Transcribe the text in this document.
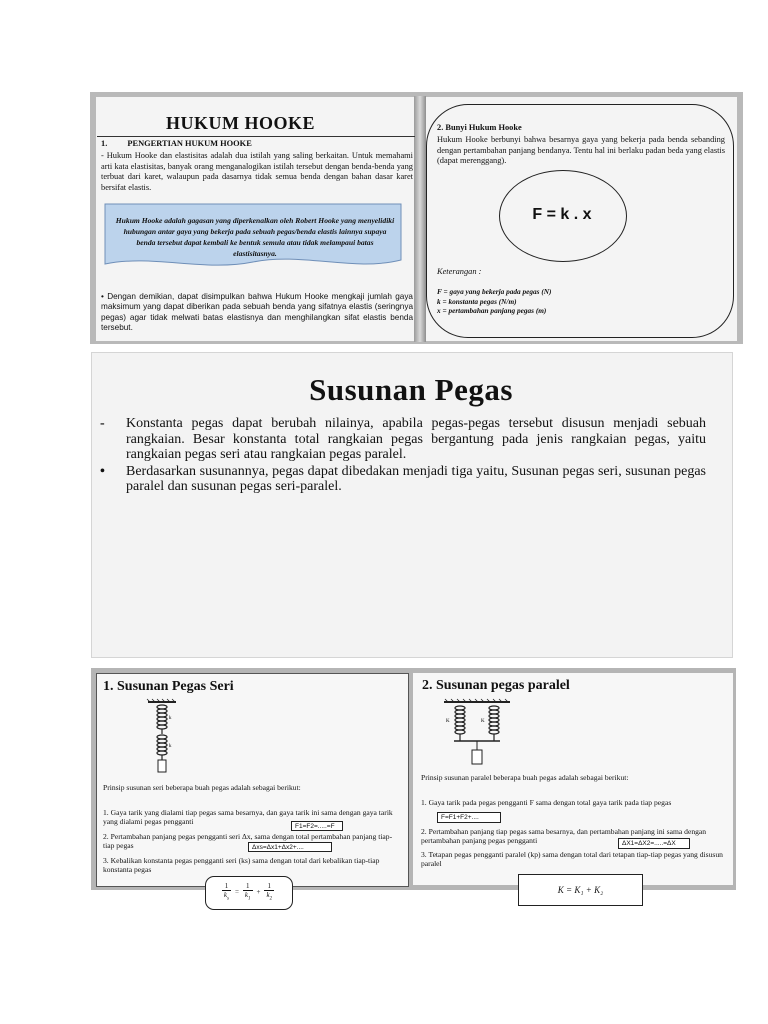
HUKUM HOOKE
1. PENGERTIAN HUKUM HOOKE
- Hukum Hooke dan elastisitas adalah dua istilah yang saling berkaitan. Untuk memahami arti kata elastisitas, banyak orang menganalogikan istilah tersebut dengan benda-benda yang terbuat dari karet, walaupun pada dasarnya tidak semua benda dengan bahan dasar karet bersifat elastis.
Hukum Hooke adalah gagasan yang diperkenalkan oleh Robert Hooke yang menyelidiki hubungan antar gaya yang bekerja pada sebuah pegas/benda elastis lainnya supaya benda tersebut dapat kembali ke bentuk semula atau tidak melampaui batas elastisitasnya.
• Dengan demikian, dapat disimpulkan bahwa Hukum Hooke mengkaji jumlah gaya maksimum yang dapat diberikan pada sebuah benda yang sifatnya elastis (seringnya pegas) agar tidak melwati batas elastisnya dan menghilangkan sifat elastis benda tersebut.
2. Bunyi Hukum Hooke
Hukum Hooke berbunyi bahwa besarnya gaya yang bekerja pada benda sebanding dengan pertambahan panjang bendanya. Tentu hal ini berlaku padan beda yang elastis (dapat merenggang).
F = k . x
Keterangan :
F = gaya yang bekerja pada pegas (N)
k = konstanta pegas (N/m)
x = pertambahan panjang pegas (m)
Susunan Pegas
- Konstanta pegas dapat berubah nilainya, apabila pegas-pegas tersebut disusun menjadi sebuah rangkaian. Besar konstanta total rangkaian pegas bergantung pada jenis rangkaian pegas, yaitu rangkaian pegas seri atau rangkaian pegas paralel.
• Berdasarkan susunannya, pegas dapat dibedakan menjadi tiga yaitu, Susunan pegas seri, susunan pegas paralel dan susunan pegas seri-paralel.
1. Susunan Pegas Seri
k
k
Prinsip susunan seri beberapa buah pegas adalah sebagai berikut:
1. Gaya tarik yang dialami tiap pegas sama besarnya, dan gaya tarik ini sama dengan gaya tarik yang dialami pegas pengganti
2. Pertambahan panjang pegas pengganti seri Δx, sama dengan total pertambahan panjang tiap-tiap pegas
3. Kebalikan konstanta pegas pengganti seri (ks) sama dengan total dari kebalikan tiap-tiap konstanta pegas
F1=F2=.....=F
Δxs=Δx1+Δx2+....
$\frac{1}{k_s} = \frac{1}{k_1} + \frac{1}{k_2}$
2. Susunan pegas paralel
K	K
Prinsip susunan paralel beberapa buah pegas adalah sebagai berikut:
1. Gaya tarik pada pegas pengganti F sama dengan total gaya tarik pada tiap pegas
F=F1+F2+....
2. Pertambahan panjang tiap pegas sama besarnya, dan pertambahan panjang ini sama dengan pertambahan panjang pegas pengganti	ΔX1=ΔX2=.....=ΔX
3. Tetapan pegas pengganti paralel (kp) sama dengan total dari tetapan tiap-tiap pegas yang disusun paralel
K = K₁ + K₂
